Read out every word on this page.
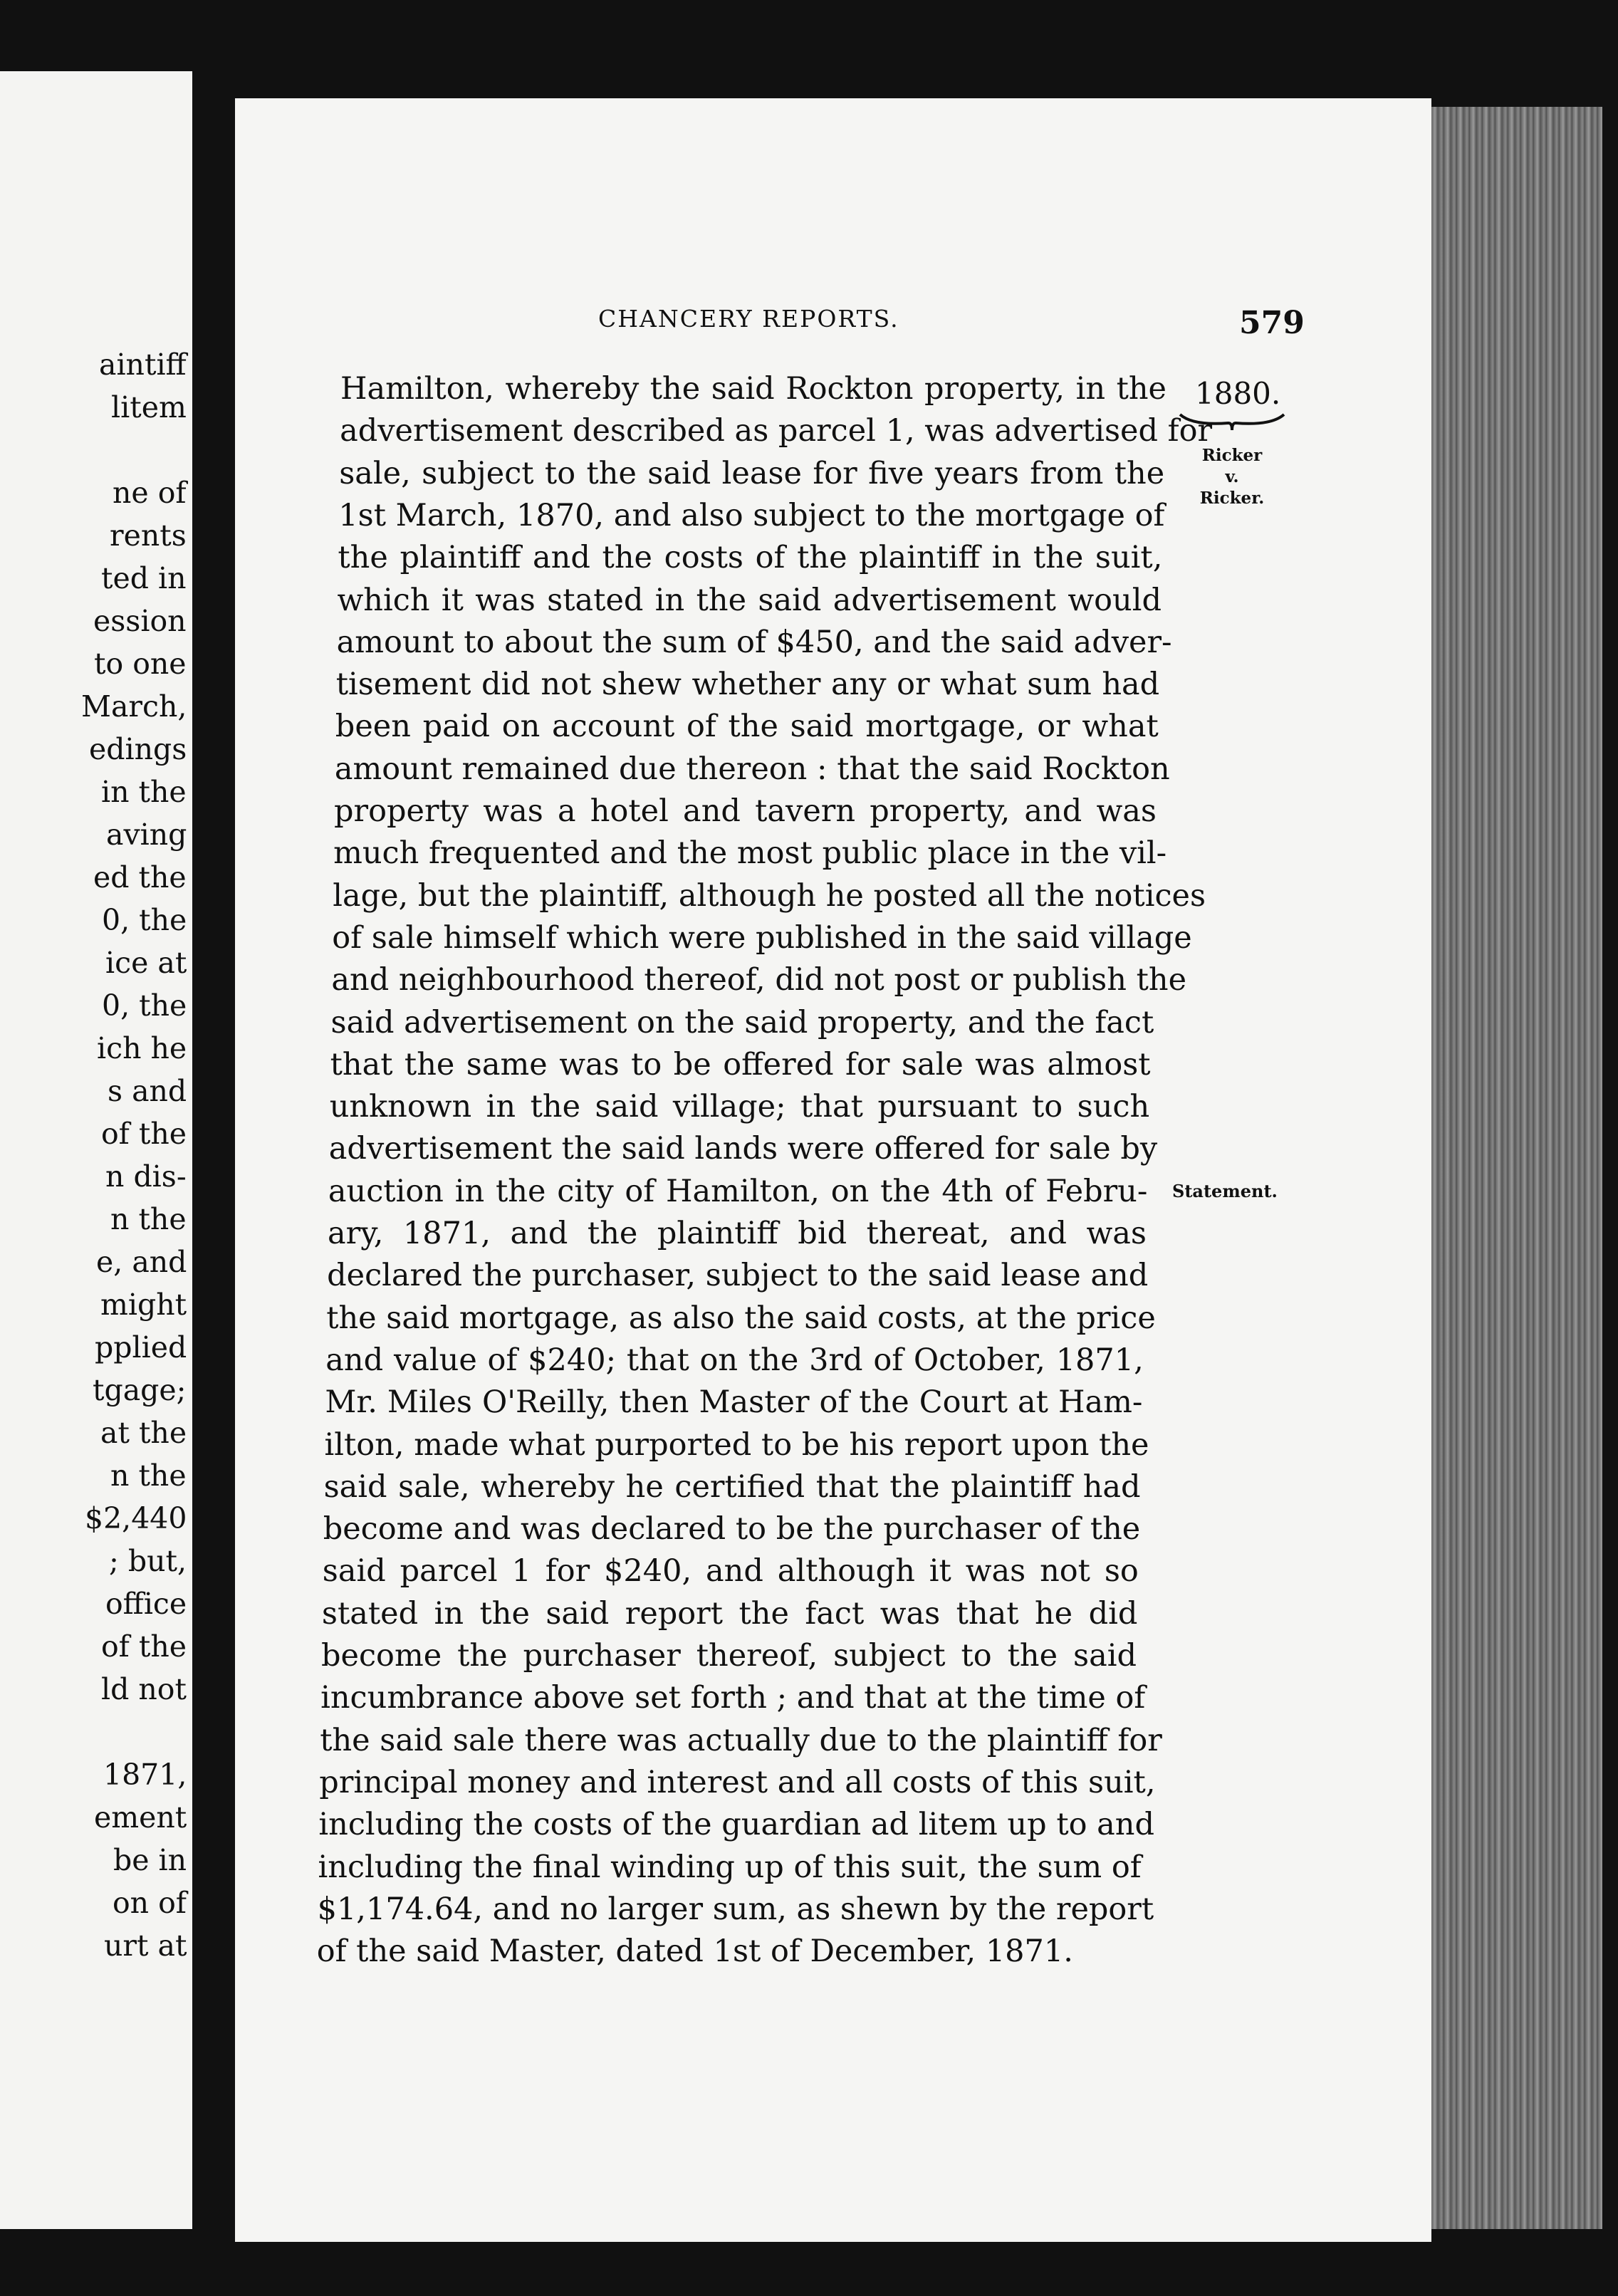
CHANCERY REPORTS.	579
1880.
Ricker
v.
Ricker.
Statement.
aintiff
litem
ne of
rents
ted in
ession
to one
March,
edings
in the
aving
ed the
0, the
ice at
0, the
ich he
s and
of the
n dis-
n the
e, and
might
pplied
tgage;
at the
n the
$2,440
; but,
office
of the
ld not
1871,
ement
be in
on of
urt at
Hamilton, whereby the said Rockton property, in the
advertisement described as parcel 1, was advertised for
sale, subject to the said lease for five years from the
1st March, 1870, and also subject to the mortgage of
the plaintiff and the costs of the plaintiff in the suit,
which it was stated in the said advertisement would
amount to about the sum of $450, and the said adver-
tisement did not shew whether any or what sum had
been paid on account of the said mortgage, or what
amount remained due thereon : that the said Rockton
property was a hotel and tavern property, and was
much frequented and the most public place in the vil-
lage, but the plaintiff, although he posted all the notices
of sale himself which were published in the said village
and neighbourhood thereof, did not post or publish the
said advertisement on the said property, and the fact
that the same was to be offered for sale was almost
unknown in the said village; that pursuant to such
advertisement the said lands were offered for sale by
auction in the city of Hamilton, on the 4th of Febru-
ary, 1871, and the plaintiff bid thereat, and was
declared the purchaser, subject to the said lease and
the said mortgage, as also the said costs, at the price
and value of $240; that on the 3rd of October, 1871,
Mr. Miles O'Reilly, then Master of the Court at Ham-
ilton, made what purported to be his report upon the
said sale, whereby he certified that the plaintiff had
become and was declared to be the purchaser of the
said parcel 1 for $240, and although it was not so
stated in the said report the fact was that he did
become the purchaser thereof, subject to the said
incumbrance above set forth ; and that at the time of
the said sale there was actually due to the plaintiff for
principal money and interest and all costs of this suit,
including the costs of the guardian ad litem up to and
including the final winding up of this suit, the sum of
$1,174.64, and no larger sum, as shewn by the report
of the said Master, dated 1st of December, 1871.
